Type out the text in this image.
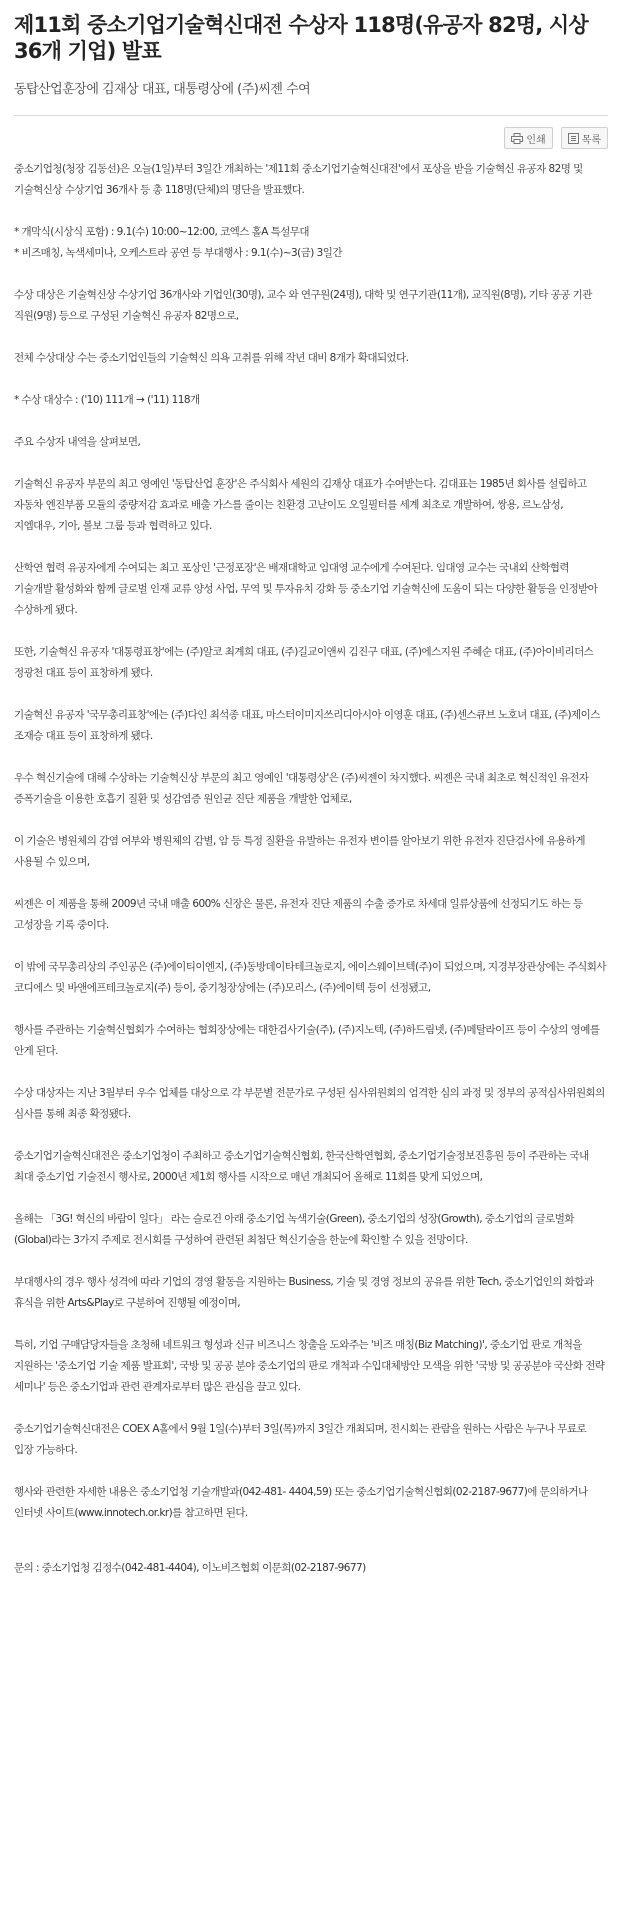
제11회 중소기업기술혁신대전 수상자 118명(유공자 82명, 시상 36개 기업) 발표
동탑산업훈장에 김재상 대표, 대통령상에 (주)씨젠 수여
인쇄	목록

중소기업청(청장 김동선)은 오늘(1일)부터 3일간 개최하는 '제11회 중소기업기술혁신대전'에서 포상을 받을 기술혁신 유공자 82명 및 기술혁신상 수상기업 36개사 등 총 118명(단체)의 명단을 발표했다.

* 개막식(시상식 포함) : 9.1(수) 10:00~12:00, 코엑스 홀A 특설무대
* 비즈매칭, 녹색세미나, 오케스트라 공연 등 부대행사 : 9.1(수)~3(금) 3일간

수상 대상은 기술혁신상 수상기업 36개사와 기업인(30명), 교수 와 연구원(24명), 대학 및 연구기관(11개), 교직원(8명), 기타 공공 기관 직원(9명) 등으로 구성된 기술혁신 유공자 82명으로,

전체 수상대상 수는 중소기업인들의 기술혁신 의욕 고취를 위해 작년 대비 8개가 확대되었다.

* 수상 대상수 : ('10) 111개 → ('11) 118개

주요 수상자 내역을 살펴보면,

기술혁신 유공자 부문의 최고 영예인 '동탑산업 훈장'은 주식회사 세원의 김재상 대표가 수여받는다. 김대표는 1985년 회사를 설립하고 자동차 엔진부품 모듈의 중량저감 효과로 배출 가스를 줄이는 친환경 고난이도 오일필터를 세계 최초로 개발하여, 쌍용, 르노삼성, 지엠대우, 기아, 볼보 그룹 등과 협력하고 있다.

산학연 협력 유공자에게 수여되는 최고 포상인 '근정포장'은 배재대학교 임대영 교수에게 수여된다. 임대영 교수는 국내외 산학협력 기술개발 활성화와 함께 글로벌 인재 교류 양성 사업, 무역 및 투자유치 강화 등 중소기업 기술혁신에 도움이 되는 다양한 활동을 인정받아 수상하게 됐다.

또한, 기술혁신 유공자 '대통령표창'에는 (주)알코 최계희 대표, (주)길교이앤씨 김진구 대표, (주)에스지원 주혜순 대표, (주)아이비리더스 정광천 대표 등이 표창하게 됐다.

기술혁신 유공자 '국무총리표창'에는 (주)다인 최석종 대표, 마스터이미지쓰리디아시아 이영훈 대표, (주)센스큐브 노호녀 대표, (주)제이스 조재승 대표 등이 표창하게 됐다.

우수 혁신기술에 대해 수상하는 기술혁신상 부문의 최고 영예인 '대통령상'은 (주)씨젠이 차지했다. 씨젠은 국내 최초로 혁신적인 유전자 증폭기술을 이용한 호흡기 질환 및 성감염증 원인균 진단 제품을 개발한 업체로,

이 기술은 병원체의 감염 여부와 병원체의 감별, 암 등 특정 질환을 유발하는 유전자 변이를 알아보기 위한 유전자 진단검사에 유용하게 사용될 수 있으며,

씨젠은 이 제품을 통해 2009년 국내 매출 600% 신장은 물론, 유전자 진단 제품의 수출 증가로 차세대 일류상품에 선정되기도 하는 등 고성장을 기록 중이다.

이 밖에 국무총리상의 주인공은 (주)에이티이엔지, (주)동방데이타테크놀로지, 에이스웨이브텍(주)이 되었으며, 지경부장관상에는 주식회사 코디에스 및 바앤에프테크놀로지(주) 등이, 중기청장상에는 (주)모리스, (주)에이텍 등이 선정됐고,

행사를 주관하는 기술혁신협회가 수여하는 협회장상에는 대한검사기술(주), (주)지노텍, (주)하드림넷, (주)메탈라이프 등이 수상의 영예를 안게 된다.

수상 대상자는 지난 3월부터 우수 업체를 대상으로 각 부문별 전문가로 구성된 심사위원회의 엄격한 심의 과정 및 정부의 공적심사위원회의 심사를 통해 최종 확정됐다.

중소기업기술혁신대전은 중소기업청이 주최하고 중소기업기술혁신협회, 한국산학연협회, 중소기업기술정보진흥원 등이 주관하는 국내 최대 중소기업 기술전시 행사로, 2000년 제1회 행사를 시작으로 매년 개최되어 올해로 11회를 맞게 되었으며,

올해는 「3G! 혁신의 바람이 일다」 라는 슬로건 아래 중소기업 녹색기술(Green), 중소기업의 성장(Growth), 중소기업의 글로벌화(Global)라는 3가지 주제로 전시회를 구성하여 관련된 최첨단 혁신기술을 한눈에 확인할 수 있을 전망이다.

부대행사의 경우 행사 성격에 따라 기업의 경영 활동을 지원하는 Business, 기술 및 경영 정보의 공유를 위한 Tech, 중소기업인의 화합과 휴식을 위한 Arts&Play로 구분하여 진행될 예정이며,

특히, 기업 구매담당자들을 초청해 네트워크 형성과 신규 비즈니스 창출을 도와주는 '비즈 매칭(Biz Matching)', 중소기업 판로 개척을 지원하는 '중소기업 기술 제품 발표회', 국방 및 공공 분야 중소기업의 판로 개척과 수입대체방안 모색을 위한 '국방 및 공공분야 국산화 전략 세미나' 등은 중소기업과 관련 관계자로부터 많은 관심을 끌고 있다.

중소기업기술혁신대전은 COEX A홀에서 9월 1일(수)부터 3일(목)까지 3일간 개최되며, 전시회는 관람을 원하는 사람은 누구나 무료로 입장 가능하다.

행사와 관련한 자세한 내용은 중소기업청 기술개발과(042-481- 4404,59) 또는 중소기업기술혁신협회(02-2187-9677)에 문의하거나 인터넷 사이트(www.innotech.or.kr)를 참고하면 된다.

문의 : 중소기업청 김정수(042-481-4404), 이노비즈협회 이문희(02-2187-9677)
